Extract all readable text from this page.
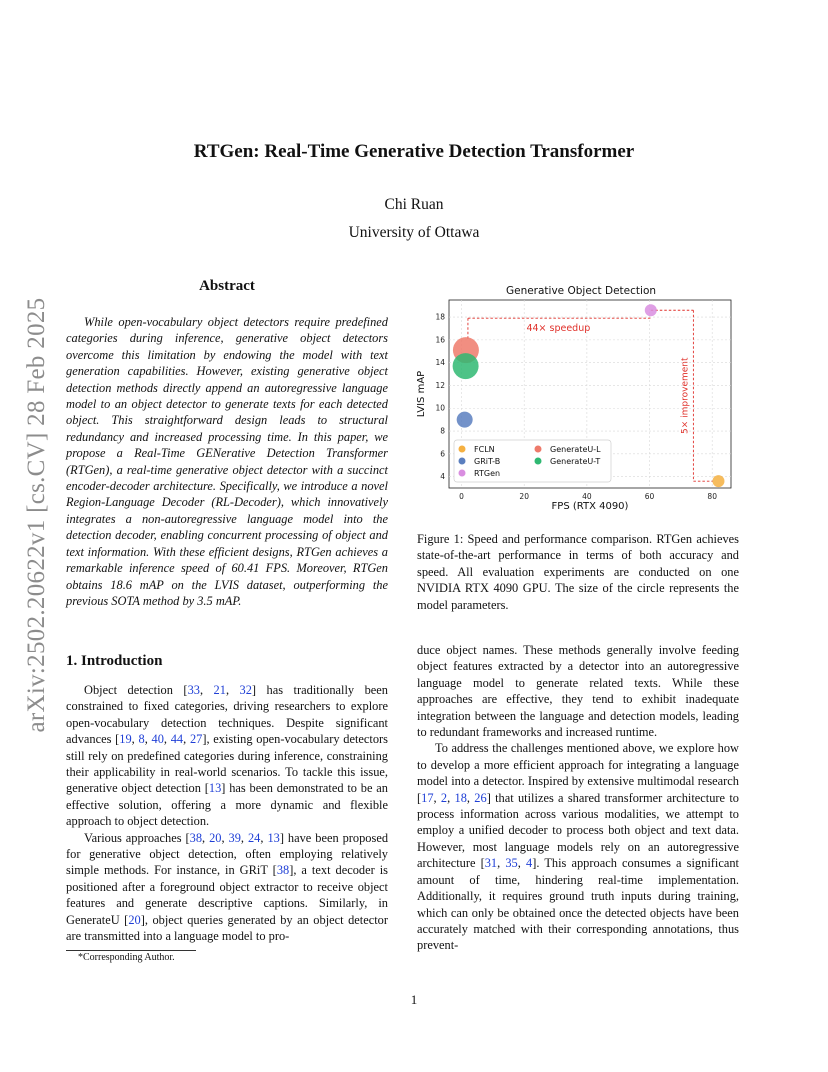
RTGen: Real-Time Generative Detection Transformer
Chi Ruan
University of Ottawa
arXiv:2502.20622v1 [cs.CV] 28 Feb 2025
Abstract

While open-vocabulary object detectors require predefined categories during inference, generative object detectors overcome this limitation by endowing the model with text generation capabilities. However, existing generative object detection methods directly append an autoregressive language model to an object detector to generate texts for each detected object. This straightforward design leads to structural redundancy and increased processing time. In this paper, we propose a Real-Time GENerative Detection Transformer (RTGen), a real-time generative object detector with a succinct encoder-decoder architecture. Specifically, we introduce a novel Region-Language Decoder (RL-Decoder), which innovatively integrates a non-autoregressive language model into the detection decoder, enabling concurrent processing of object and text information. With these efficient designs, RTGen achieves a remarkable inference speed of 60.41 FPS. Moreover, RTGen obtains 18.6 mAP on the LVIS dataset, outperforming the previous SOTA method by 3.5 mAP.

1. Introduction

Object detection [33, 21, 32] has traditionally been constrained to fixed categories, driving researchers to explore open-vocabulary detection techniques. Despite significant advances [19, 8, 40, 44, 27], existing open-vocabulary detectors still rely on predefined categories during inference, constraining their applicability in real-world scenarios. To tackle this issue, generative object detection [13] has been demonstrated to be an effective solution, offering a more dynamic and flexible approach to object detection.

Various approaches [38, 20, 39, 24, 13] have been proposed for generative object detection, often employing relatively simple methods. For instance, in GRiT [38], a text decoder is positioned after a foreground object extractor to receive object features and generate descriptive captions. Similarly, in GenerateU [20], object queries generated by an object detector are transmitted into a language model to pro-

*Corresponding Author.
Generative Object Detection
0	20	40	60	80
4
6
8
10
12
14
16
18
44× speedup
5× improvement
FCLN
GRiT-B
RTGen
GenerateU-L
GenerateU-T
FPS (RTX 4090)
LVIS mAP
Figure 1: Speed and performance comparison. RTGen achieves state-of-the-art performance in terms of both accuracy and speed. All evaluation experiments are conducted on one NVIDIA RTX 4090 GPU. The size of the circle represents the model parameters.

duce object names. These methods generally involve feeding object features extracted by a detector into an autoregressive language model to generate related texts. While these approaches are effective, they tend to exhibit inadequate integration between the language and detection models, leading to redundant frameworks and increased runtime.

To address the challenges mentioned above, we explore how to develop a more efficient approach for integrating a language model into a detector. Inspired by extensive multimodal research [17, 2, 18, 26] that utilizes a shared transformer architecture to process information across various modalities, we attempt to employ a unified decoder to process both object and text data. However, most language models rely on an autoregressive architecture [31, 35, 4]. This approach consumes a significant amount of time, hindering real-time implementation. Additionally, it requires ground truth inputs during training, which can only be obtained once the detected objects have been accurately matched with their corresponding annotations, thus prevent-

1
